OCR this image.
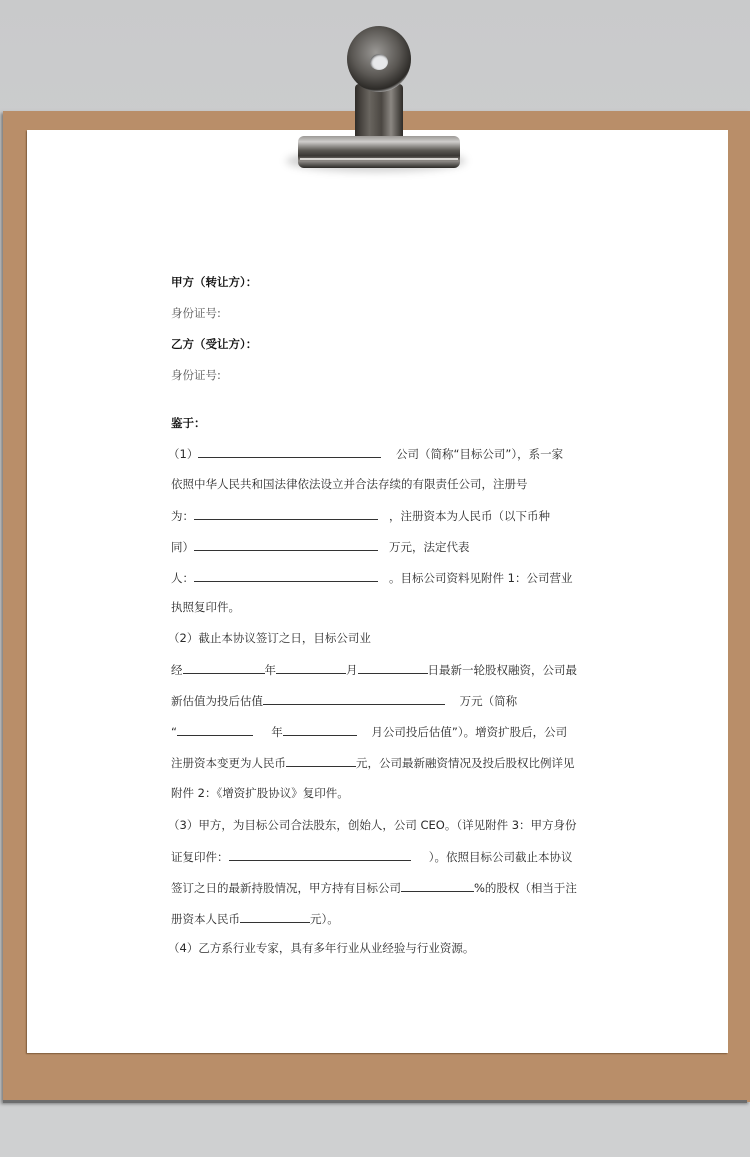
甲方（转让方）：
身份证号:
乙方（受让方）：
身份证号:
鉴于：
（1）	公司（简称“目标公司”），系一家
依照中华人民共和国法律依法设立并合法存续的有限责任公司，注册号
为：	，注册资本为人民币（以下币种
同）	万元，法定代表
人：	。目标公司资料见附件 1：公司营业
执照复印件。
（2）截止本协议签订之日，目标公司业
经	年	月	日最新一轮股权融资，公司最
新估值为投后估值	万元（简称
“	年	月公司投后估值”）。增资扩股后，公司
注册资本变更为人民币	元，公司最新融资情况及投后股权比例详见
附件 2：《增资扩股协议》复印件。
（3）甲方，为目标公司合法股东，创始人，公司 CEO。（详见附件 3：甲方身份
证复印件：	）。依照目标公司截止本协议
签订之日的最新持股情况，甲方持有目标公司	%的股权（相当于注
册资本人民币	元）。
（4）乙方系行业专家，具有多年行业从业经验与行业资源。
